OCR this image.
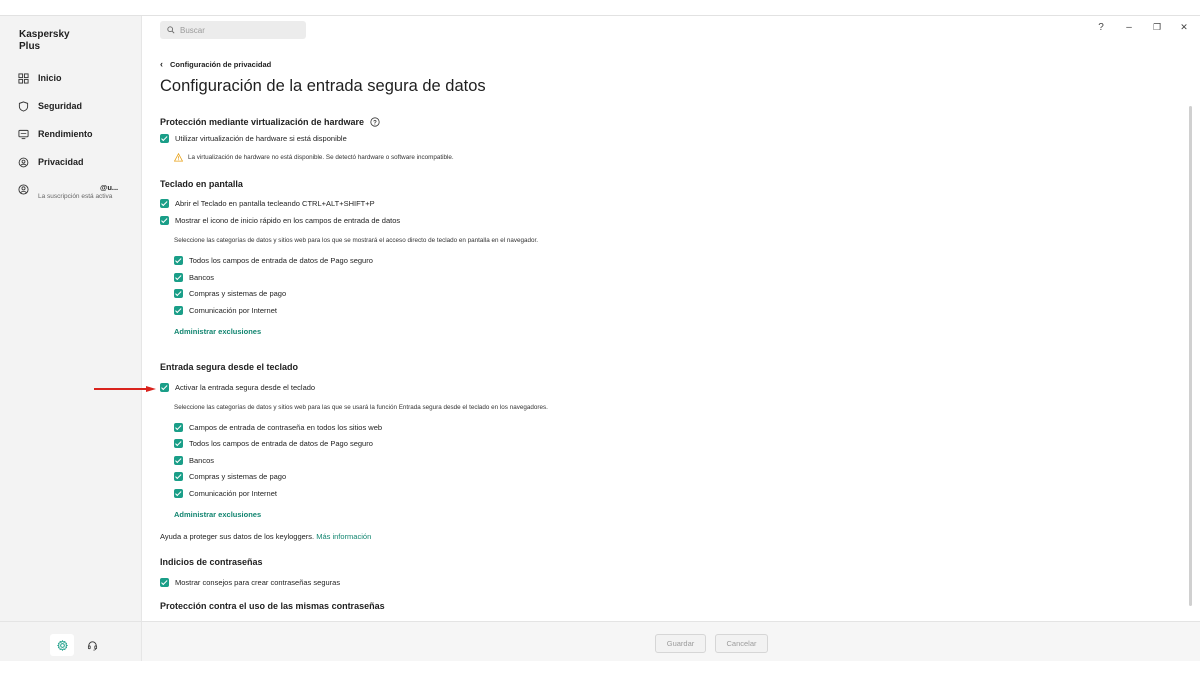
Kaspersky Plus
Inicio
Seguridad
Rendimiento
Privacidad
@u...
La suscripción está activa
Buscar	?	–	❐	✕
‹ Configuración de privacidad
Configuración de la entrada segura de datos
Protección mediante virtualización de hardware ?
Utilizar virtualización de hardware si está disponible
La virtualización de hardware no está disponible. Se detectó hardware o software incompatible.
Teclado en pantalla
Abrir el Teclado en pantalla tecleando CTRL+ALT+SHIFT+P
Mostrar el icono de inicio rápido en los campos de entrada de datos
Seleccione las categorías de datos y sitios web para los que se mostrará el acceso directo de teclado en pantalla en el navegador.
Todos los campos de entrada de datos de Pago seguro
Bancos
Compras y sistemas de pago
Comunicación por Internet
Administrar exclusiones
Entrada segura desde el teclado
Activar la entrada segura desde el teclado
Seleccione las categorías de datos y sitios web para las que se usará la función Entrada segura desde el teclado en los navegadores.
Campos de entrada de contraseña en todos los sitios web
Todos los campos de entrada de datos de Pago seguro
Bancos
Compras y sistemas de pago
Comunicación por Internet
Administrar exclusiones
Ayuda a proteger sus datos de los keyloggers. Más información
Indicios de contraseñas
Mostrar consejos para crear contraseñas seguras
Protección contra el uso de las mismas contraseñas
Guardar	Cancelar
